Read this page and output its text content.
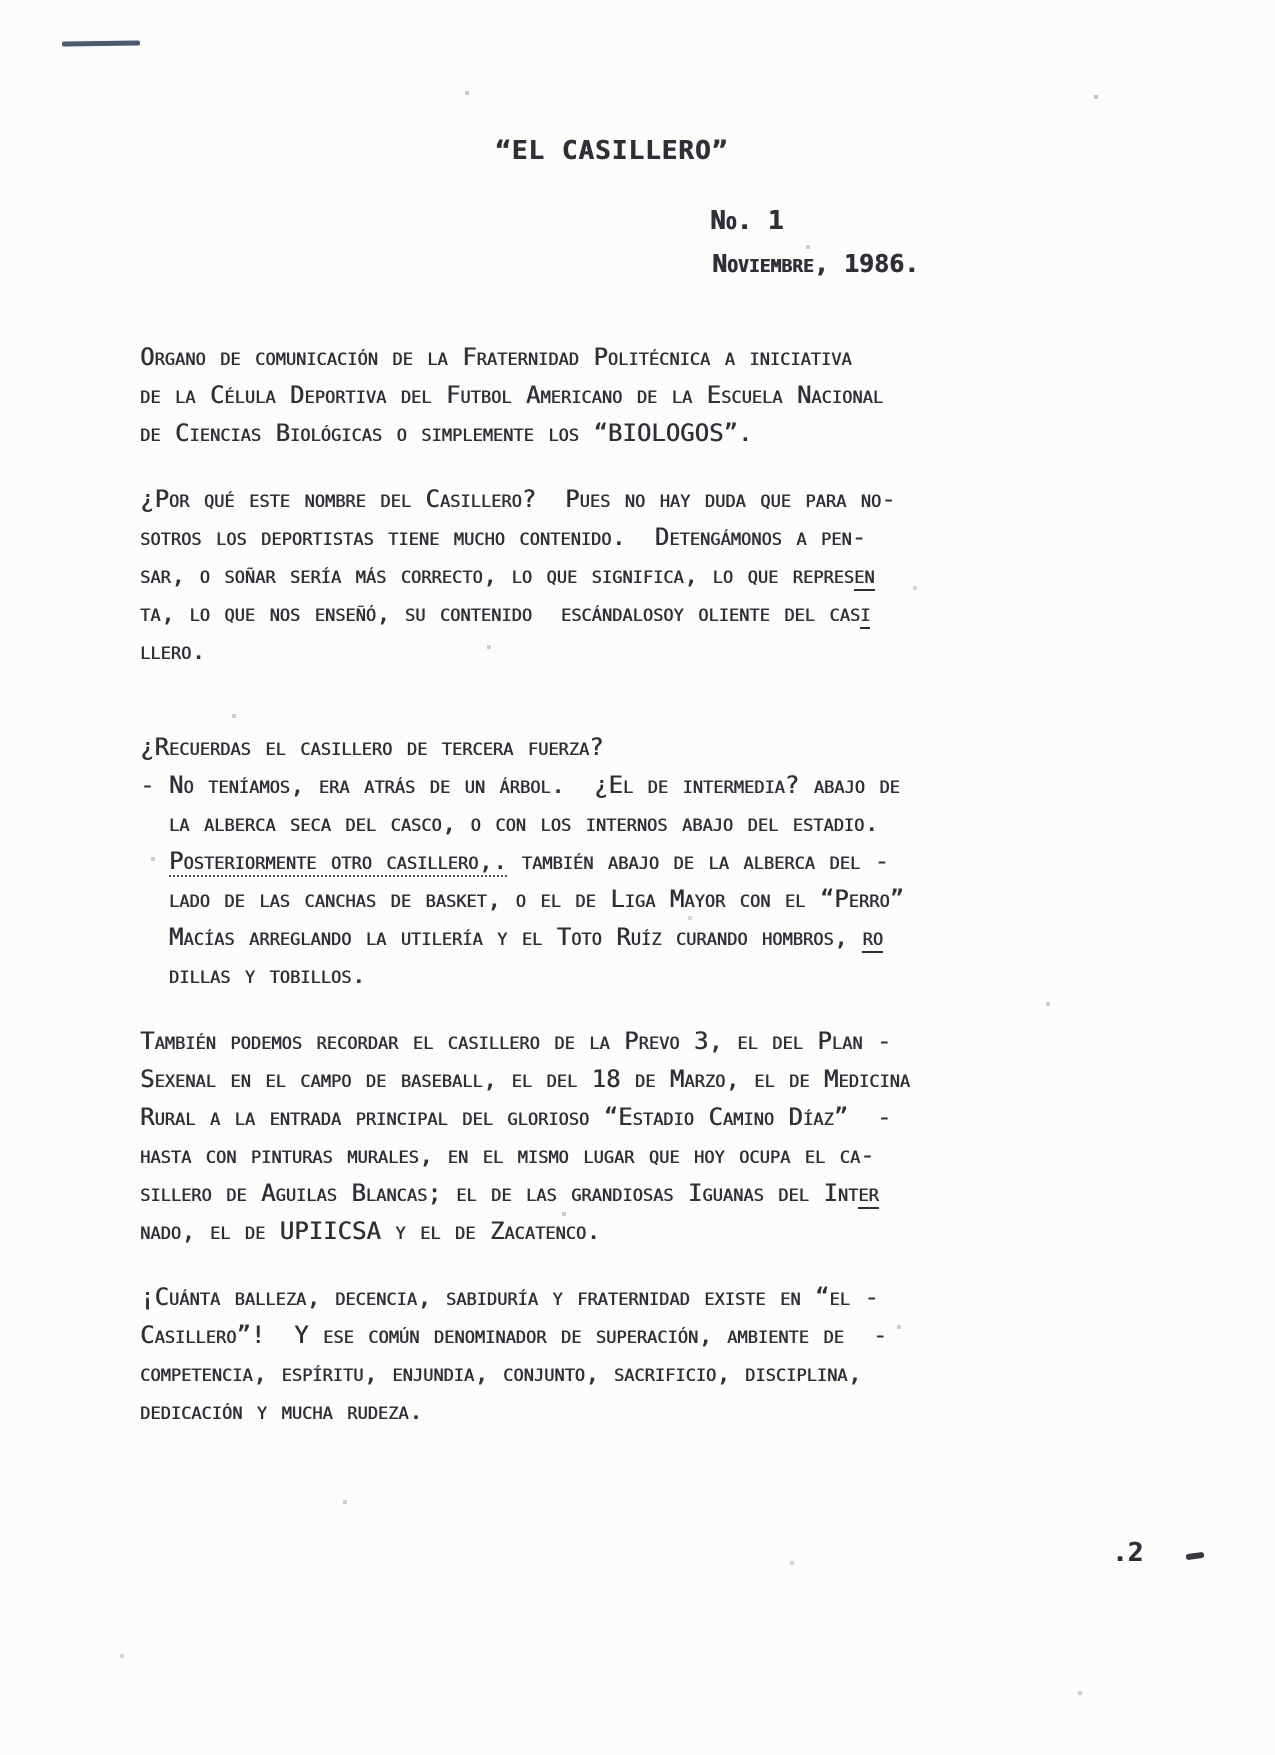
“EL CASILLERO”
No. 1
Noviembre, 1986.
Organo de comunicación de la Fraternidad Politécnica a iniciativa
de la Célula Deportiva del Futbol Americano de la Escuela Nacional
de Ciencias Biológicas o simplemente los “BIOLOGOS”.
¿Por qué este nombre del Casillero?  Pues no hay duda que para no-
sotros los deportistas tiene mucho contenido.  Detengámonos a pen-
sar, o soñar sería más correcto, lo que significa, lo que represen
ta, lo que nos enseñó, su contenido  escándalosoy oliente del casi
llero.
¿Recuerdas el casillero de tercera fuerza?
- No teníamos, era atrás de un árbol.  ¿El de intermedia? abajo de
la alberca seca del casco, o con los internos abajo del estadio.
Posteriormente otro casillero,. también abajo de la alberca del -
lado de las canchas de basket, o el de Liga Mayor con el “Perro”
Macías arreglando la utilería y el Toto Ruíz curando hombros, ro
dillas y tobillos.
También podemos recordar el casillero de la Prevo 3, el del Plan -
Sexenal en el campo de baseball, el del 18 de Marzo, el de Medicina
Rural a la entrada principal del glorioso “Estadio Camino Díaz”  -
hasta con pinturas murales, en el mismo lugar que hoy ocupa el ca-
sillero de Aguilas Blancas; el de las grandiosas Iguanas del Inter
nado, el de UPIICSA y el de Zacatenco.
¡Cuánta balleza, decencia, sabiduría y fraternidad existe en “el -
Casillero”!  Y ese común denominador de superación, ambiente de  -
competencia, espíritu, enjundia, conjunto, sacrificio, disciplina,
dedicación y mucha rudeza.
.2
